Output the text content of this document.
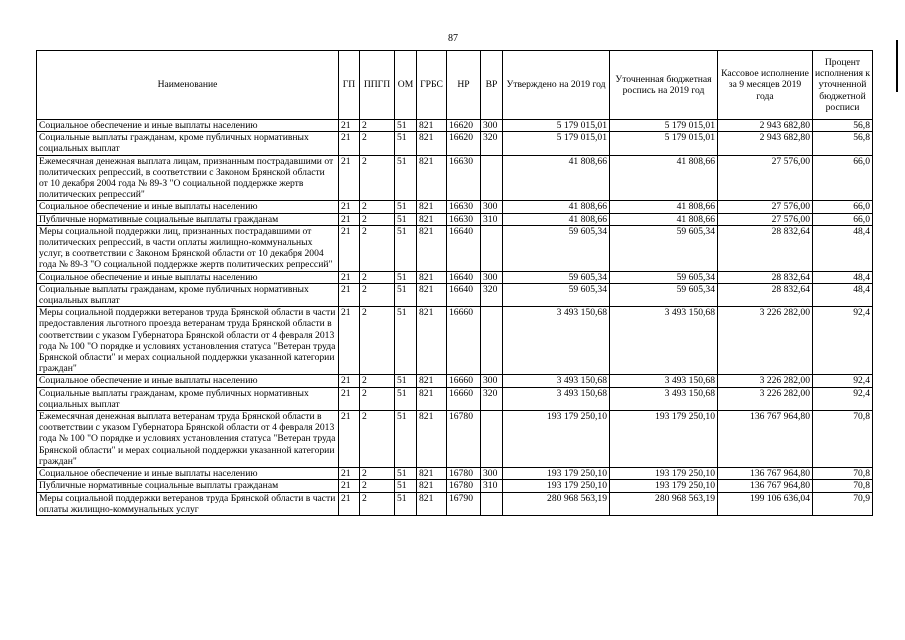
87
Наименование	ГП	ППГП	ОМ	ГРБС	НР	ВР	Утверждено на 2019 год	Уточненная бюджетная роспись на 2019 год	Кассовое исполнение за 9 месяцев 2019 года	Процент исполнения к уточненной бюджетной росписи
Социальное обеспечение и иные выплаты населению	21	2	51	821	16620	300	5 179 015,01	5 179 015,01	2 943 682,80	56,8
Социальные выплаты гражданам, кроме публичных нормативных социальных выплат	21	2	51	821	16620	320	5 179 015,01	5 179 015,01	2 943 682,80	56,8
Ежемесячная денежная выплата лицам, признанным пострадавшими от политических репрессий, в соответствии с Законом Брянской области от 10 декабря 2004 года № 89-З "О социальной поддержке жертв политических репрессий"	21	2	51	821	16630		41 808,66	41 808,66	27 576,00	66,0
Социальное обеспечение и иные выплаты населению	21	2	51	821	16630	300	41 808,66	41 808,66	27 576,00	66,0
Публичные нормативные социальные выплаты гражданам	21	2	51	821	16630	310	41 808,66	41 808,66	27 576,00	66,0
Меры социальной поддержки лиц, признанных пострадавшими от политических репрессий, в части оплаты жилищно-коммунальных услуг, в соответствии с Законом Брянской области от 10 декабря 2004 года № 89-З "О социальной поддержке жертв политических репрессий"	21	2	51	821	16640		59 605,34	59 605,34	28 832,64	48,4
Социальное обеспечение и иные выплаты населению	21	2	51	821	16640	300	59 605,34	59 605,34	28 832,64	48,4
Социальные выплаты гражданам, кроме публичных нормативных социальных выплат	21	2	51	821	16640	320	59 605,34	59 605,34	28 832,64	48,4
Меры социальной поддержки ветеранов труда Брянской области в части предоставления льготного проезда ветеранам труда Брянской области в соответствии с указом Губернатора Брянской области от 4 февраля 2013 года № 100 "О порядке и условиях установления статуса "Ветеран труда Брянской области" и мерах социальной поддержки указанной категории граждан"	21	2	51	821	16660		3 493 150,68	3 493 150,68	3 226 282,00	92,4
Социальное обеспечение и иные выплаты населению	21	2	51	821	16660	300	3 493 150,68	3 493 150,68	3 226 282,00	92,4
Социальные выплаты гражданам, кроме публичных нормативных социальных выплат	21	2	51	821	16660	320	3 493 150,68	3 493 150,68	3 226 282,00	92,4
Ежемесячная денежная выплата ветеранам труда Брянской области в соответствии с указом Губернатора Брянской области от 4 февраля 2013 года № 100 "О порядке и условиях установления статуса "Ветеран труда Брянской области" и мерах социальной поддержки указанной категории граждан"	21	2	51	821	16780		193 179 250,10	193 179 250,10	136 767 964,80	70,8
Социальное обеспечение и иные выплаты населению	21	2	51	821	16780	300	193 179 250,10	193 179 250,10	136 767 964,80	70,8
Публичные нормативные социальные выплаты гражданам	21	2	51	821	16780	310	193 179 250,10	193 179 250,10	136 767 964,80	70,8
Меры социальной поддержки ветеранов труда Брянской области в части оплаты жилищно-коммунальных услуг	21	2	51	821	16790		280 968 563,19	280 968 563,19	199 106 636,04	70,9
